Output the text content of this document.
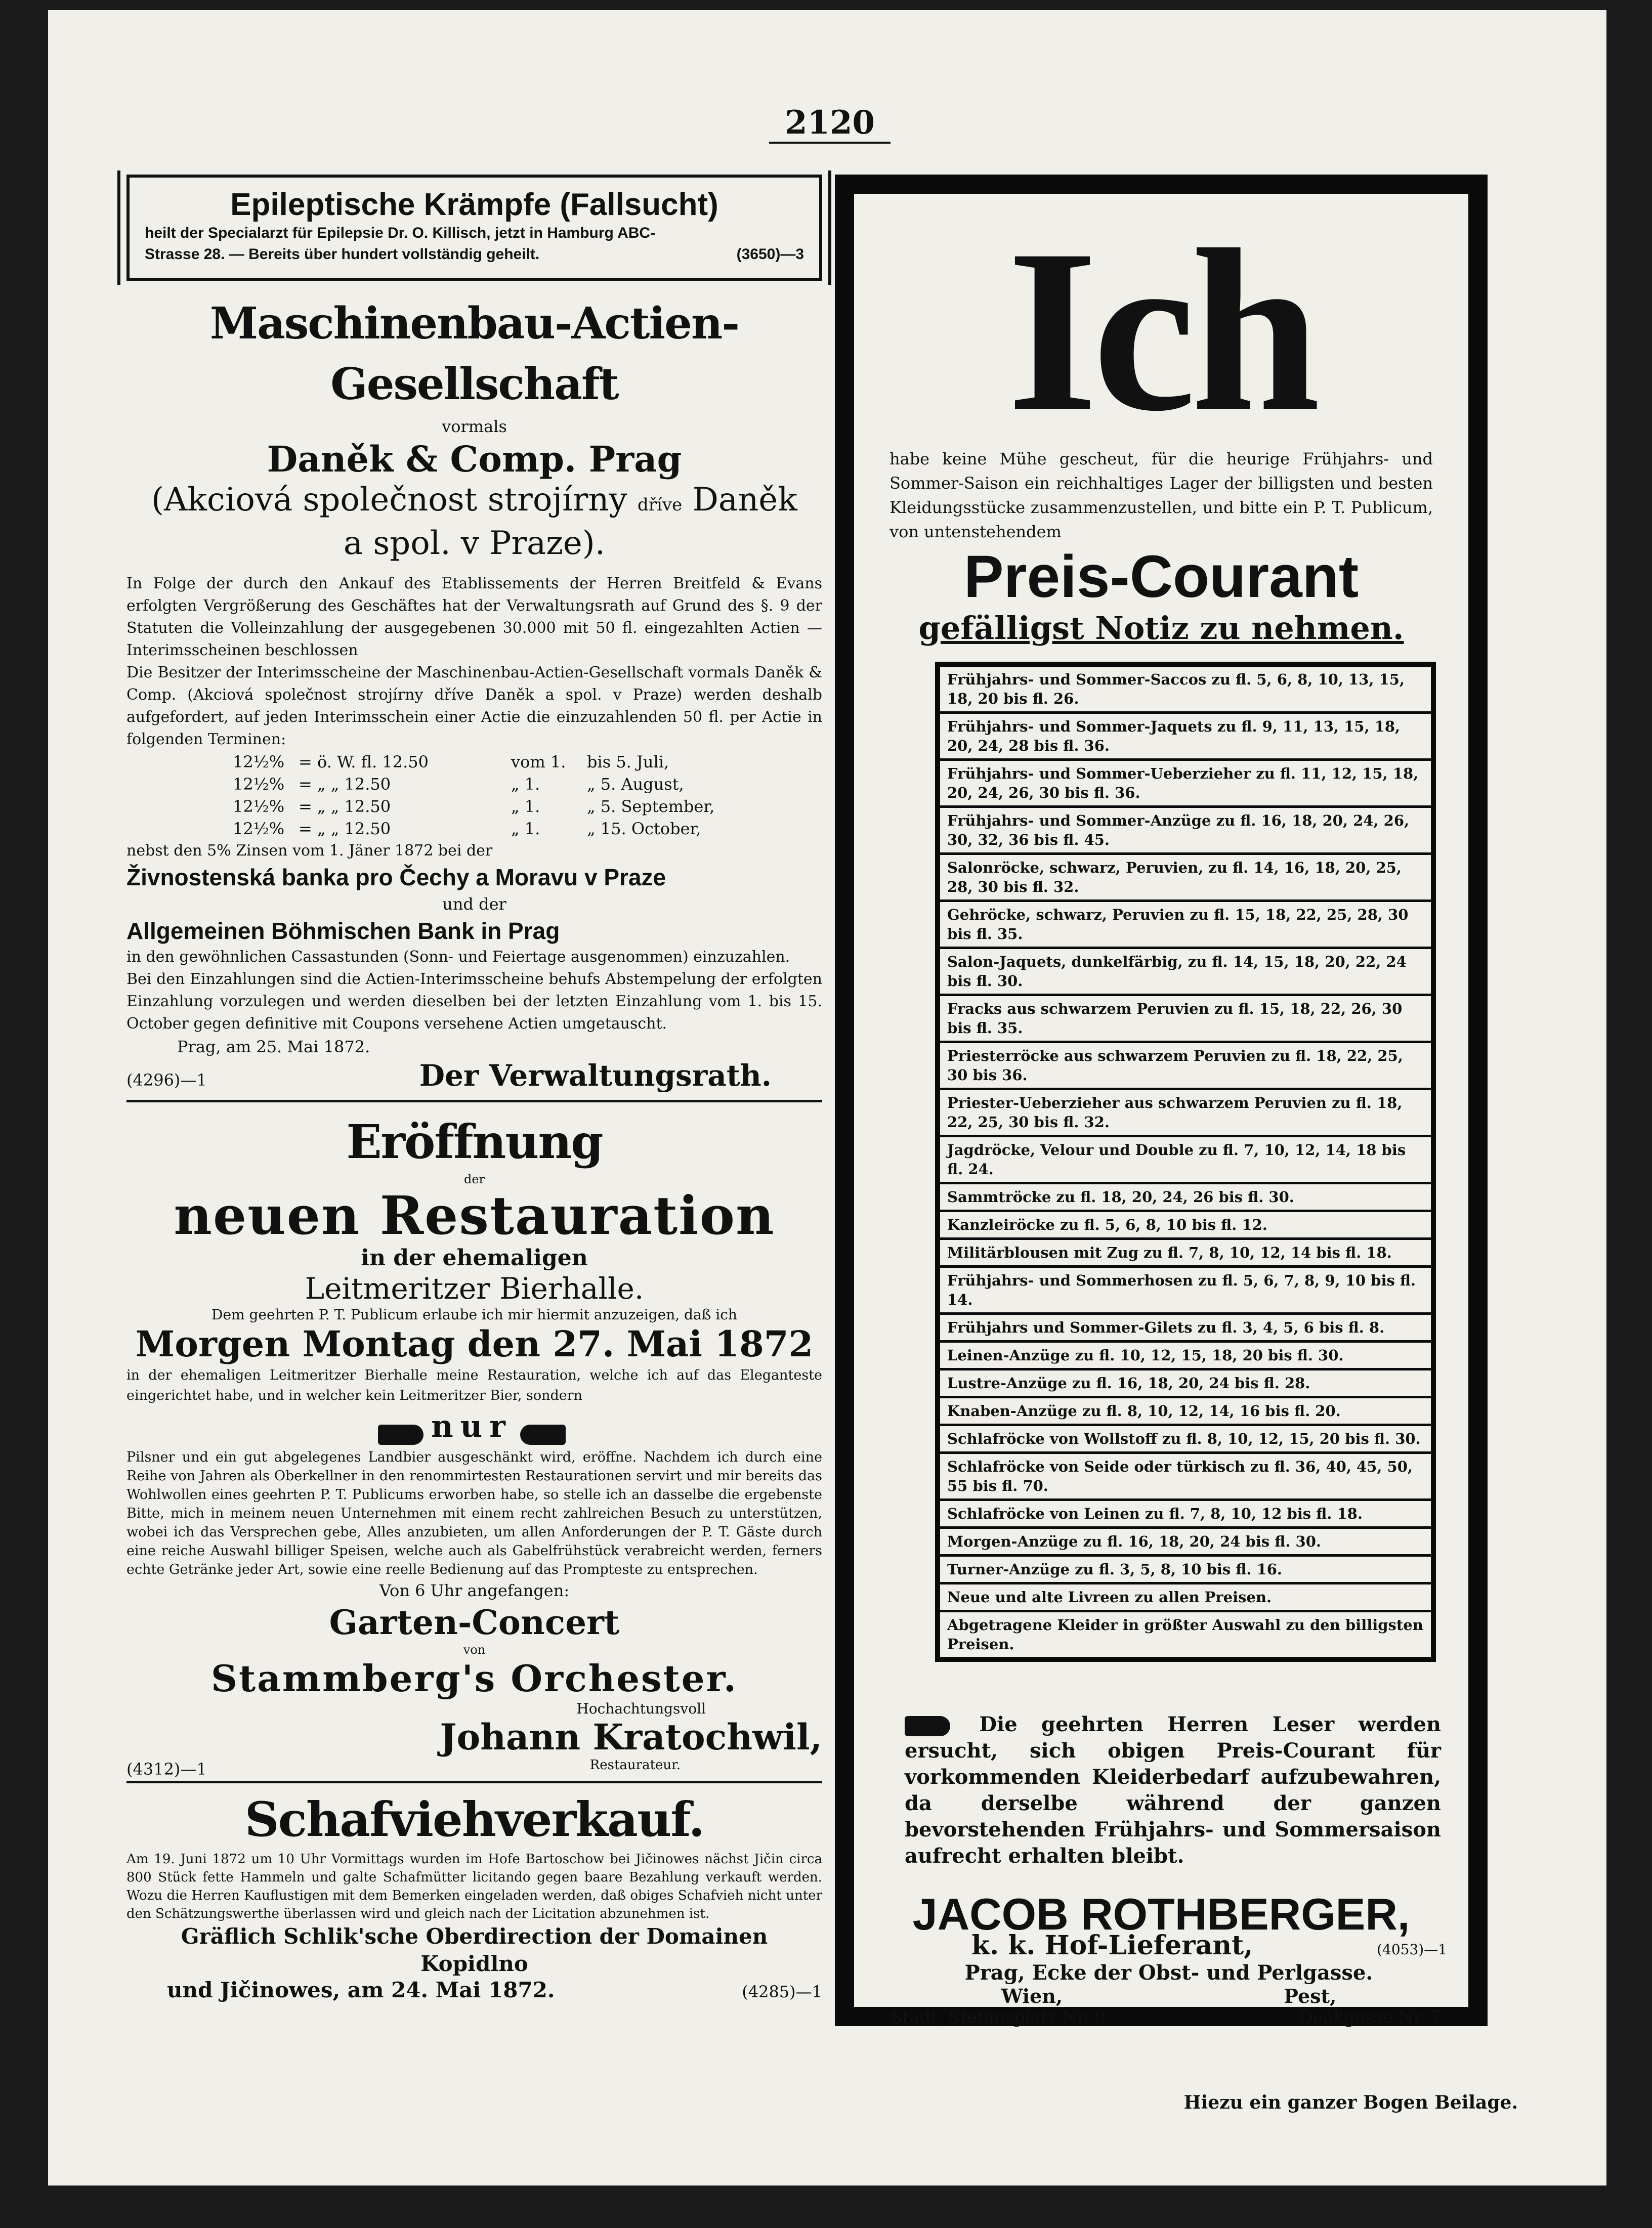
2120
Epileptische Krämpfe (Fallsucht)
heilt der Specialarzt für Epilepsie Dr. O. Killisch, jetzt in Hamburg ABC-
Strasse 28. — Bereits über hundert vollständig geheilt.	(3650)—3
Maschinenbau-Actien-Gesellschaft
vormals
Daněk & Comp. Prag
(Akciová společnost strojírny dříve Daněk
a spol. v Praze).
In Folge der durch den Ankauf des Etablissements der Herren Breitfeld & Evans erfolgten Vergrößerung des Geschäftes hat der Verwaltungsrath auf Grund des §. 9 der Statuten die Volleinzahlung der ausgegebenen 30.000 mit 50 fl. eingezahlten Actien — Interimsscheinen beschlossen
Die Besitzer der Interimsscheine der Maschinenbau-Actien-Gesellschaft vormals Daněk & Comp. (Akciová společnost strojírny dříve Daněk a spol. v Praze) werden deshalb aufgefordert, auf jeden Interimsschein einer Actie die einzuzahlenden 50 fl. per Actie in folgenden Terminen:
12½% = ö. W. fl. 12.50	vom 1.	bis 5. Juli,
12½% = „ „ 12.50	„ 1.	„ 5. August,
12½% = „ „ 12.50	„ 1.	„ 5. September,
12½% = „ „ 12.50	„ 1.	„ 15. October,
nebst den 5% Zinsen vom 1. Jäner 1872 bei der
Živnostenská banka pro Čechy a Moravu v Praze
und der
Allgemeinen Böhmischen Bank in Prag
in den gewöhnlichen Cassastunden (Sonn- und Feiertage ausgenommen) einzuzahlen.
Bei den Einzahlungen sind die Actien-Interimsscheine behufs Abstempelung der erfolgten Einzahlung vorzulegen und werden dieselben bei der letzten Einzahlung vom 1. bis 15. October gegen definitive mit Coupons versehene Actien umgetauscht.
Prag, am 25. Mai 1872.
(4296)—1	Der Verwaltungsrath.
Eröffnung
der
neuen Restauration
in der ehemaligen
Leitmeritzer Bierhalle.
Dem geehrten P. T. Publicum erlaube ich mir hiermit anzuzeigen, daß ich
Morgen Montag den 27. Mai 1872
in der ehemaligen Leitmeritzer Bierhalle meine Restauration, welche ich auf das Eleganteste eingerichtet habe, und in welcher kein Leitmeritzer Bier, sondern
nur
Pilsner und ein gut abgelegenes Landbier ausgeschänkt wird, eröffne. Nachdem ich durch eine Reihe von Jahren als Oberkellner in den renommirtesten Restaurationen servirt und mir bereits das Wohlwollen eines geehrten P. T. Publicums erworben habe, so stelle ich an dasselbe die ergebenste Bitte, mich in meinem neuen Unternehmen mit einem recht zahlreichen Besuch zu unterstützen, wobei ich das Versprechen gebe, Alles anzubieten, um allen Anforderungen der P. T. Gäste durch eine reiche Auswahl billiger Speisen, welche auch als Gabelfrühstück verabreicht werden, ferners echte Getränke jeder Art, sowie eine reelle Bedienung auf das Prompteste zu entsprechen.
Von 6 Uhr angefangen:
Garten-Concert
von
Stammberg's Orchester.
Hochachtungsvoll
Johann Kratochwil,
(4312)—1	Restaurateur.
Schafviehverkauf.
Am 19. Juni 1872 um 10 Uhr Vormittags wurden im Hofe Bartoschow bei Jičinowes nächst Jičin circa 800 Stück fette Hammeln und galte Schafmütter licitando gegen baare Bezahlung verkauft werden. Wozu die Herren Kauflustigen mit dem Bemerken eingeladen werden, daß obiges Schafvieh nicht unter den Schätzungswerthe überlassen wird und gleich nach der Licitation abzunehmen ist.
Gräflich Schlik'sche Oberdirection der Domainen Kopidlno
und Jičinowes, am 24. Mai 1872.	(4285)—1
Ich
habe keine Mühe gescheut, für die heurige Frühjahrs- und Sommer-Saison ein reichhaltiges Lager der billigsten und besten Kleidungsstücke zusammenzustellen, und bitte ein P. T. Publicum, von untenstehendem
Preis-Courant
gefälligst Notiz zu nehmen.
Frühjahrs- und Sommer-Saccos zu fl. 5, 6, 8, 10, 13, 15, 18, 20 bis fl. 26.
Frühjahrs- und Sommer-Jaquets zu fl. 9, 11, 13, 15, 18, 20, 24, 28 bis fl. 36.
Frühjahrs- und Sommer-Ueberzieher zu fl. 11, 12, 15, 18, 20, 24, 26, 30 bis fl. 36.
Frühjahrs- und Sommer-Anzüge zu fl. 16, 18, 20, 24, 26, 30, 32, 36 bis fl. 45.
Salonröcke, schwarz, Peruvien, zu fl. 14, 16, 18, 20, 25, 28, 30 bis fl. 32.
Gehröcke, schwarz, Peruvien zu fl. 15, 18, 22, 25, 28, 30 bis fl. 35.
Salon-Jaquets, dunkelfärbig, zu fl. 14, 15, 18, 20, 22, 24 bis fl. 30.
Fracks aus schwarzem Peruvien zu fl. 15, 18, 22, 26, 30 bis fl. 35.
Priesterröcke aus schwarzem Peruvien zu fl. 18, 22, 25, 30 bis 36.
Priester-Ueberzieher aus schwarzem Peruvien zu fl. 18, 22, 25, 30 bis fl. 32.
Jagdröcke, Velour und Double zu fl. 7, 10, 12, 14, 18 bis fl. 24.
Sammtröcke zu fl. 18, 20, 24, 26 bis fl. 30.
Kanzleiröcke zu fl. 5, 6, 8, 10 bis fl. 12.
Militärblousen mit Zug zu fl. 7, 8, 10, 12, 14 bis fl. 18.
Frühjahrs- und Sommerhosen zu fl. 5, 6, 7, 8, 9, 10 bis fl. 14.
Frühjahrs und Sommer-Gilets zu fl. 3, 4, 5, 6 bis fl. 8.
Leinen-Anzüge zu fl. 10, 12, 15, 18, 20 bis fl. 30.
Lustre-Anzüge zu fl. 16, 18, 20, 24 bis fl. 28.
Knaben-Anzüge zu fl. 8, 10, 12, 14, 16 bis fl. 20.
Schlafröcke von Wollstoff zu fl. 8, 10, 12, 15, 20 bis fl. 30.
Schlafröcke von Seide oder türkisch zu fl. 36, 40, 45, 50, 55 bis fl. 70.
Schlafröcke von Leinen zu fl. 7, 8, 10, 12 bis fl. 18.
Morgen-Anzüge zu fl. 16, 18, 20, 24 bis fl. 30.
Turner-Anzüge zu fl. 3, 5, 8, 10 bis fl. 16.
Neue und alte Livreen zu allen Preisen.
Abgetragene Kleider in größter Auswahl zu den billigsten Preisen.
Die geehrten Herren Leser werden ersucht, sich obigen Preis-Courant für vorkommenden Kleiderbedarf aufzubewahren, da derselbe während der ganzen bevorstehenden Frühjahrs- und Sommersaison aufrecht erhalten bleibt.
JACOB ROTHBERGER,
k. k. Hof-Lieferant,	(4053)—1
Prag, Ecke der Obst- und Perlgasse.
Wien,	Pest,
Stadt, Stefansplatz Nr. 9.	Deakgasse Nr. 7.
Hiezu ein ganzer Bogen Beilage.
